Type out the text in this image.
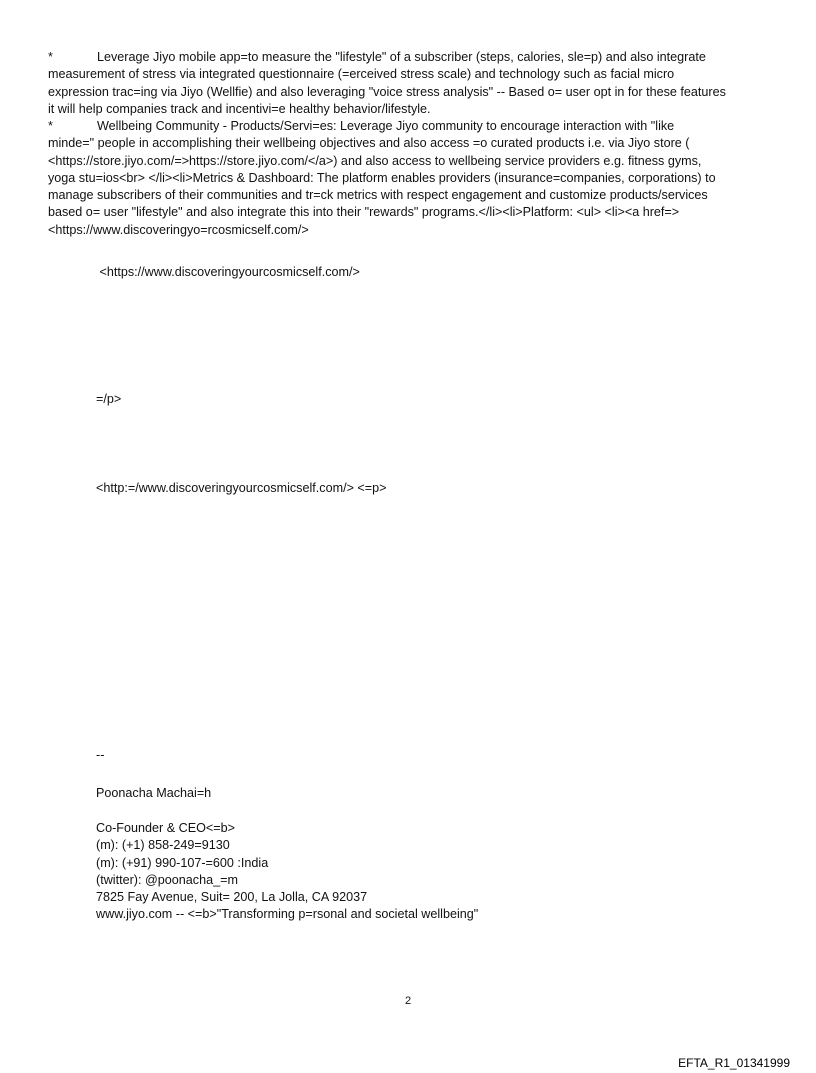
*	Leverage Jiyo mobile app=to measure the "lifestyle" of a subscriber (steps, calories, sle=p) and also integrate
measurement of stress via integrated questionnaire (=erceived stress scale) and technology such as facial micro
expression trac=ing via Jiyo (Wellfie) and also leveraging "voice stress analysis" -- Based o= user opt in for these features
it will help companies track and incentivi=e healthy behavior/lifestyle.
*	Wellbeing Community - Products/Servi=es: Leverage Jiyo community to encourage interaction with "like
minde=" people in accomplishing their wellbeing objectives and also access =o curated products i.e. via Jiyo store (
<https://store.jiyo.com/=>https://store.jiyo.com/</a>) and also access to wellbeing service providers e.g. fitness gyms,
yoga stu=ios<br> </li><li>Metrics & Dashboard: The platform enables providers (insurance=companies, corporations) to
manage subscribers of their communities and tr=ck metrics with respect engagement and customize products/services
based o= user "lifestyle" and also integrate this into their "rewards" programs.</li><li>Platform: <ul> <li><a href=>
<https://www.discoveringyo=rcosmicself.com/>
<https://www.discoveringyourcosmicself.com/>
=/p>
<http:=/www.discoveringyourcosmicself.com/> <=p>
--
Poonacha Machai=h
Co-Founder & CEO<=b>
(m): (+1) 858-249=9130
(m): (+91) 990-107-=600 :India
(twitter): @poonacha_=m
7825 Fay Avenue, Suit= 200, La Jolla, CA 92037
www.jiyo.com -- <=b>"Transforming p=rsonal and societal wellbeing"
2
EFTA_R1_01341999
